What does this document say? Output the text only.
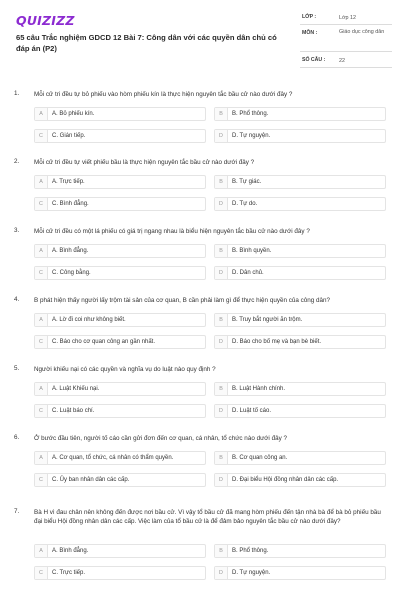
QUIZIZZ
65 câu Trắc nghiệm GDCD 12 Bài 7: Công dân với các quyền dân chủ có đáp án (P2)
LỚP :	Lớp 12
MÔN :	Giáo dục công dân
SỐ CÂU :	22
1. Mỗi cử tri đều tự bỏ phiếu vào hòm phiếu kín là thực hiện nguyên tắc bầu cử nào dưới đây ?
A	A. Bỏ phiếu kín.	B	B. Phổ thông.
C	C. Gián tiếp.	D	D. Tự nguyện.
2. Mỗi cử tri đều tự viết phiếu bầu là thực hiện nguyên tắc bầu cử nào dưới đây ?
A	A. Trực tiếp.	B	B. Tự giác.
C	C. Bình đẳng.	D	D. Tự do.
3. Mỗi cử tri đều có một lá phiếu có giá trị ngang nhau là biểu hiện nguyên tắc bầu cử nào dưới đây ?
A	A. Bình đẳng.	B	B. Bình quyền.
C	C. Công bằng.	D	D. Dân chủ.
4. B phát hiện thấy người lấy trộm tài sản của cơ quan, B cần phải làm gì để thực hiện quyền của công dân?
A	A. Lờ đi coi như không biết.	B	B. Truy bắt người ăn trộm.
C	C. Báo cho cơ quan công an gần nhất.	D	D. Báo cho bố mẹ và bạn bè biết.
5. Người khiếu nại có các quyền và nghĩa vụ do luật nào quy định ?
A	A. Luật Khiếu nại.	B	B. Luật Hành chính.
C	C. Luật báo chí.	D	D. Luật tố cáo.
6. Ở bước đầu tiên, người tố cáo cần gửi đơn đến cơ quan, cá nhân, tổ chức nào dưới đây ?
A	A. Cơ quan, tổ chức, cá nhân có thẩm quyền.	B	B. Cơ quan công an.
C	C. Ủy ban nhân dân các cấp.	D	D. Đại biểu Hội đồng nhân dân các cấp.
7. Bà H vì đau chân nên không đến được nơi bầu cử. Vì vậy tổ bầu cử đã mang hòm phiếu đến tận nhà bà để bà bỏ phiếu bầu đại biểu Hội đồng nhân dân các cấp. Việc làm của tổ bầu cử là để đảm bảo nguyên tắc bầu cử nào dưới đây?
A	A. Bình đẳng.	B	B. Phổ thông.
C	C. Trực tiếp.	D	D. Tự nguyện.
